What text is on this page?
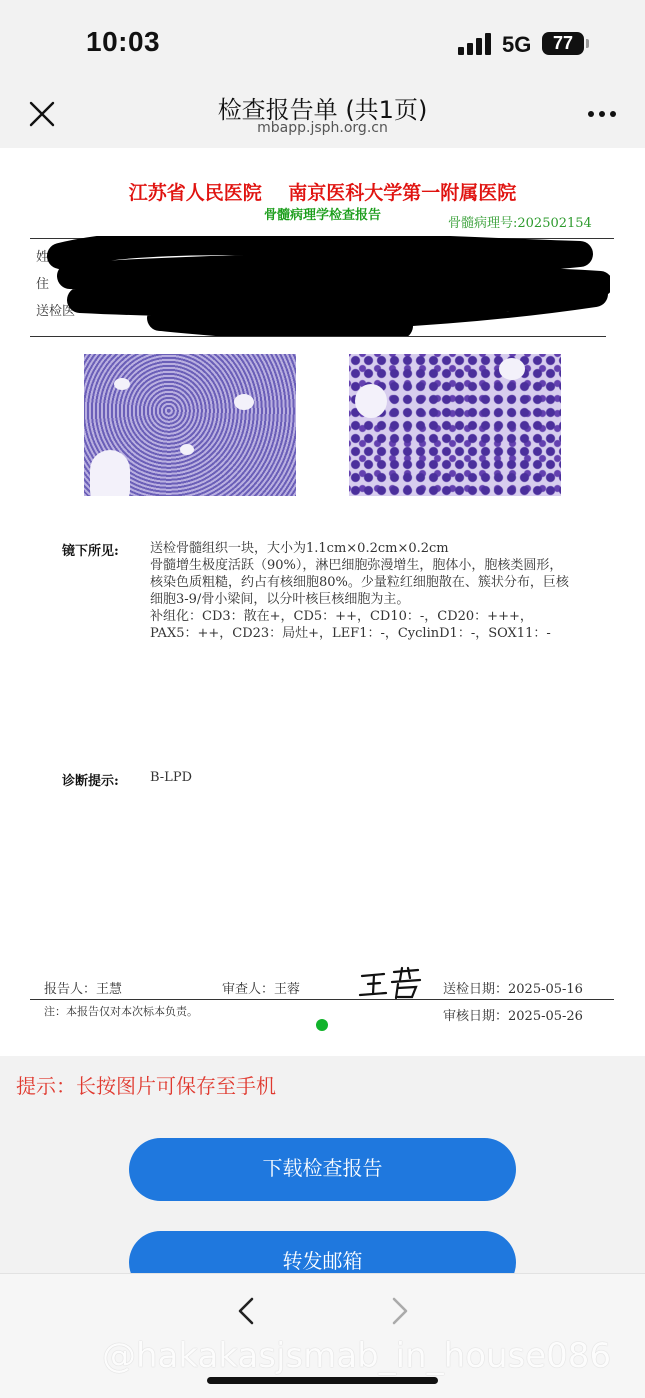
10:03	5G	77
检查报告单 (共1页)
mbapp.jsph.org.cn
江苏省人民医院    南京医科大学第一附属医院
骨髓病理学检查报告
骨髓病理号:202502154
姓名
住
送检医
镜下所见: 送检骨髓组织一块，大小为1.1cm×0.2cm×0.2cm

骨髓增生极度活跃（90%），淋巴细胞弥漫增生，胞体小，胞核类圆形，核染色质粗糙，约占有核细胞80%。少量粒红细胞散在、簇状分布，巨核细胞3-9/骨小梁间，以分叶核巨核细胞为主。

补组化：CD3：散在+，CD5：++，CD10：-，CD20：+++，PAX5：++，CD23：局灶+，LEF1：-，CyclinD1：-，SOX11：-

诊断提示: B-LPD
报告人：王慧	审查人：王蓉	送检日期：2025-05-16
注：本报告仅对本次标本负责。	审核日期：2025-05-26
提示：长按图片可保存至手机
下载检查报告
转发邮箱
@hakakasjsmab_in_house086
